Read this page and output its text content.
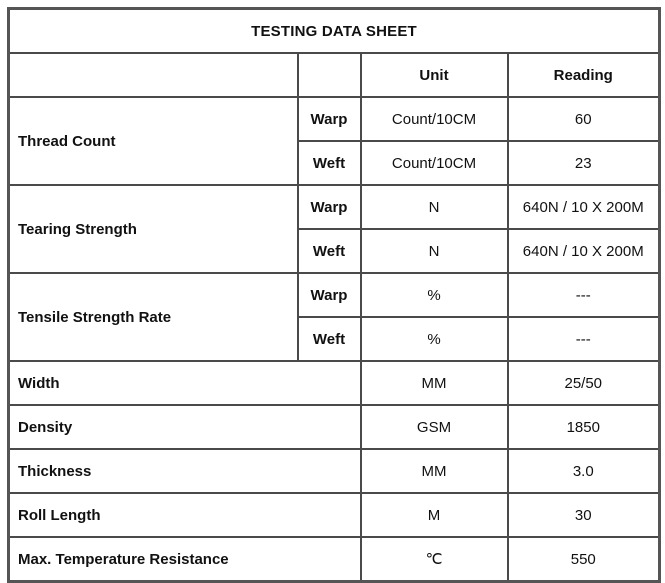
TESTING DATA SHEET			
		Unit	Reading
Thread Count	Warp	Count/10CM	60
	Weft	Count/10CM	23
Tearing Strength	Warp	N	640N / 10 X 200M
	Weft	N	640N / 10 X 200M
Tensile Strength Rate	Warp	%	---
	Weft	%	---
Width		MM	25/50
Density		GSM	1850
Thickness		MM	3.0
Roll Length		M	30
Max. Temperature Resistance		℃	550
